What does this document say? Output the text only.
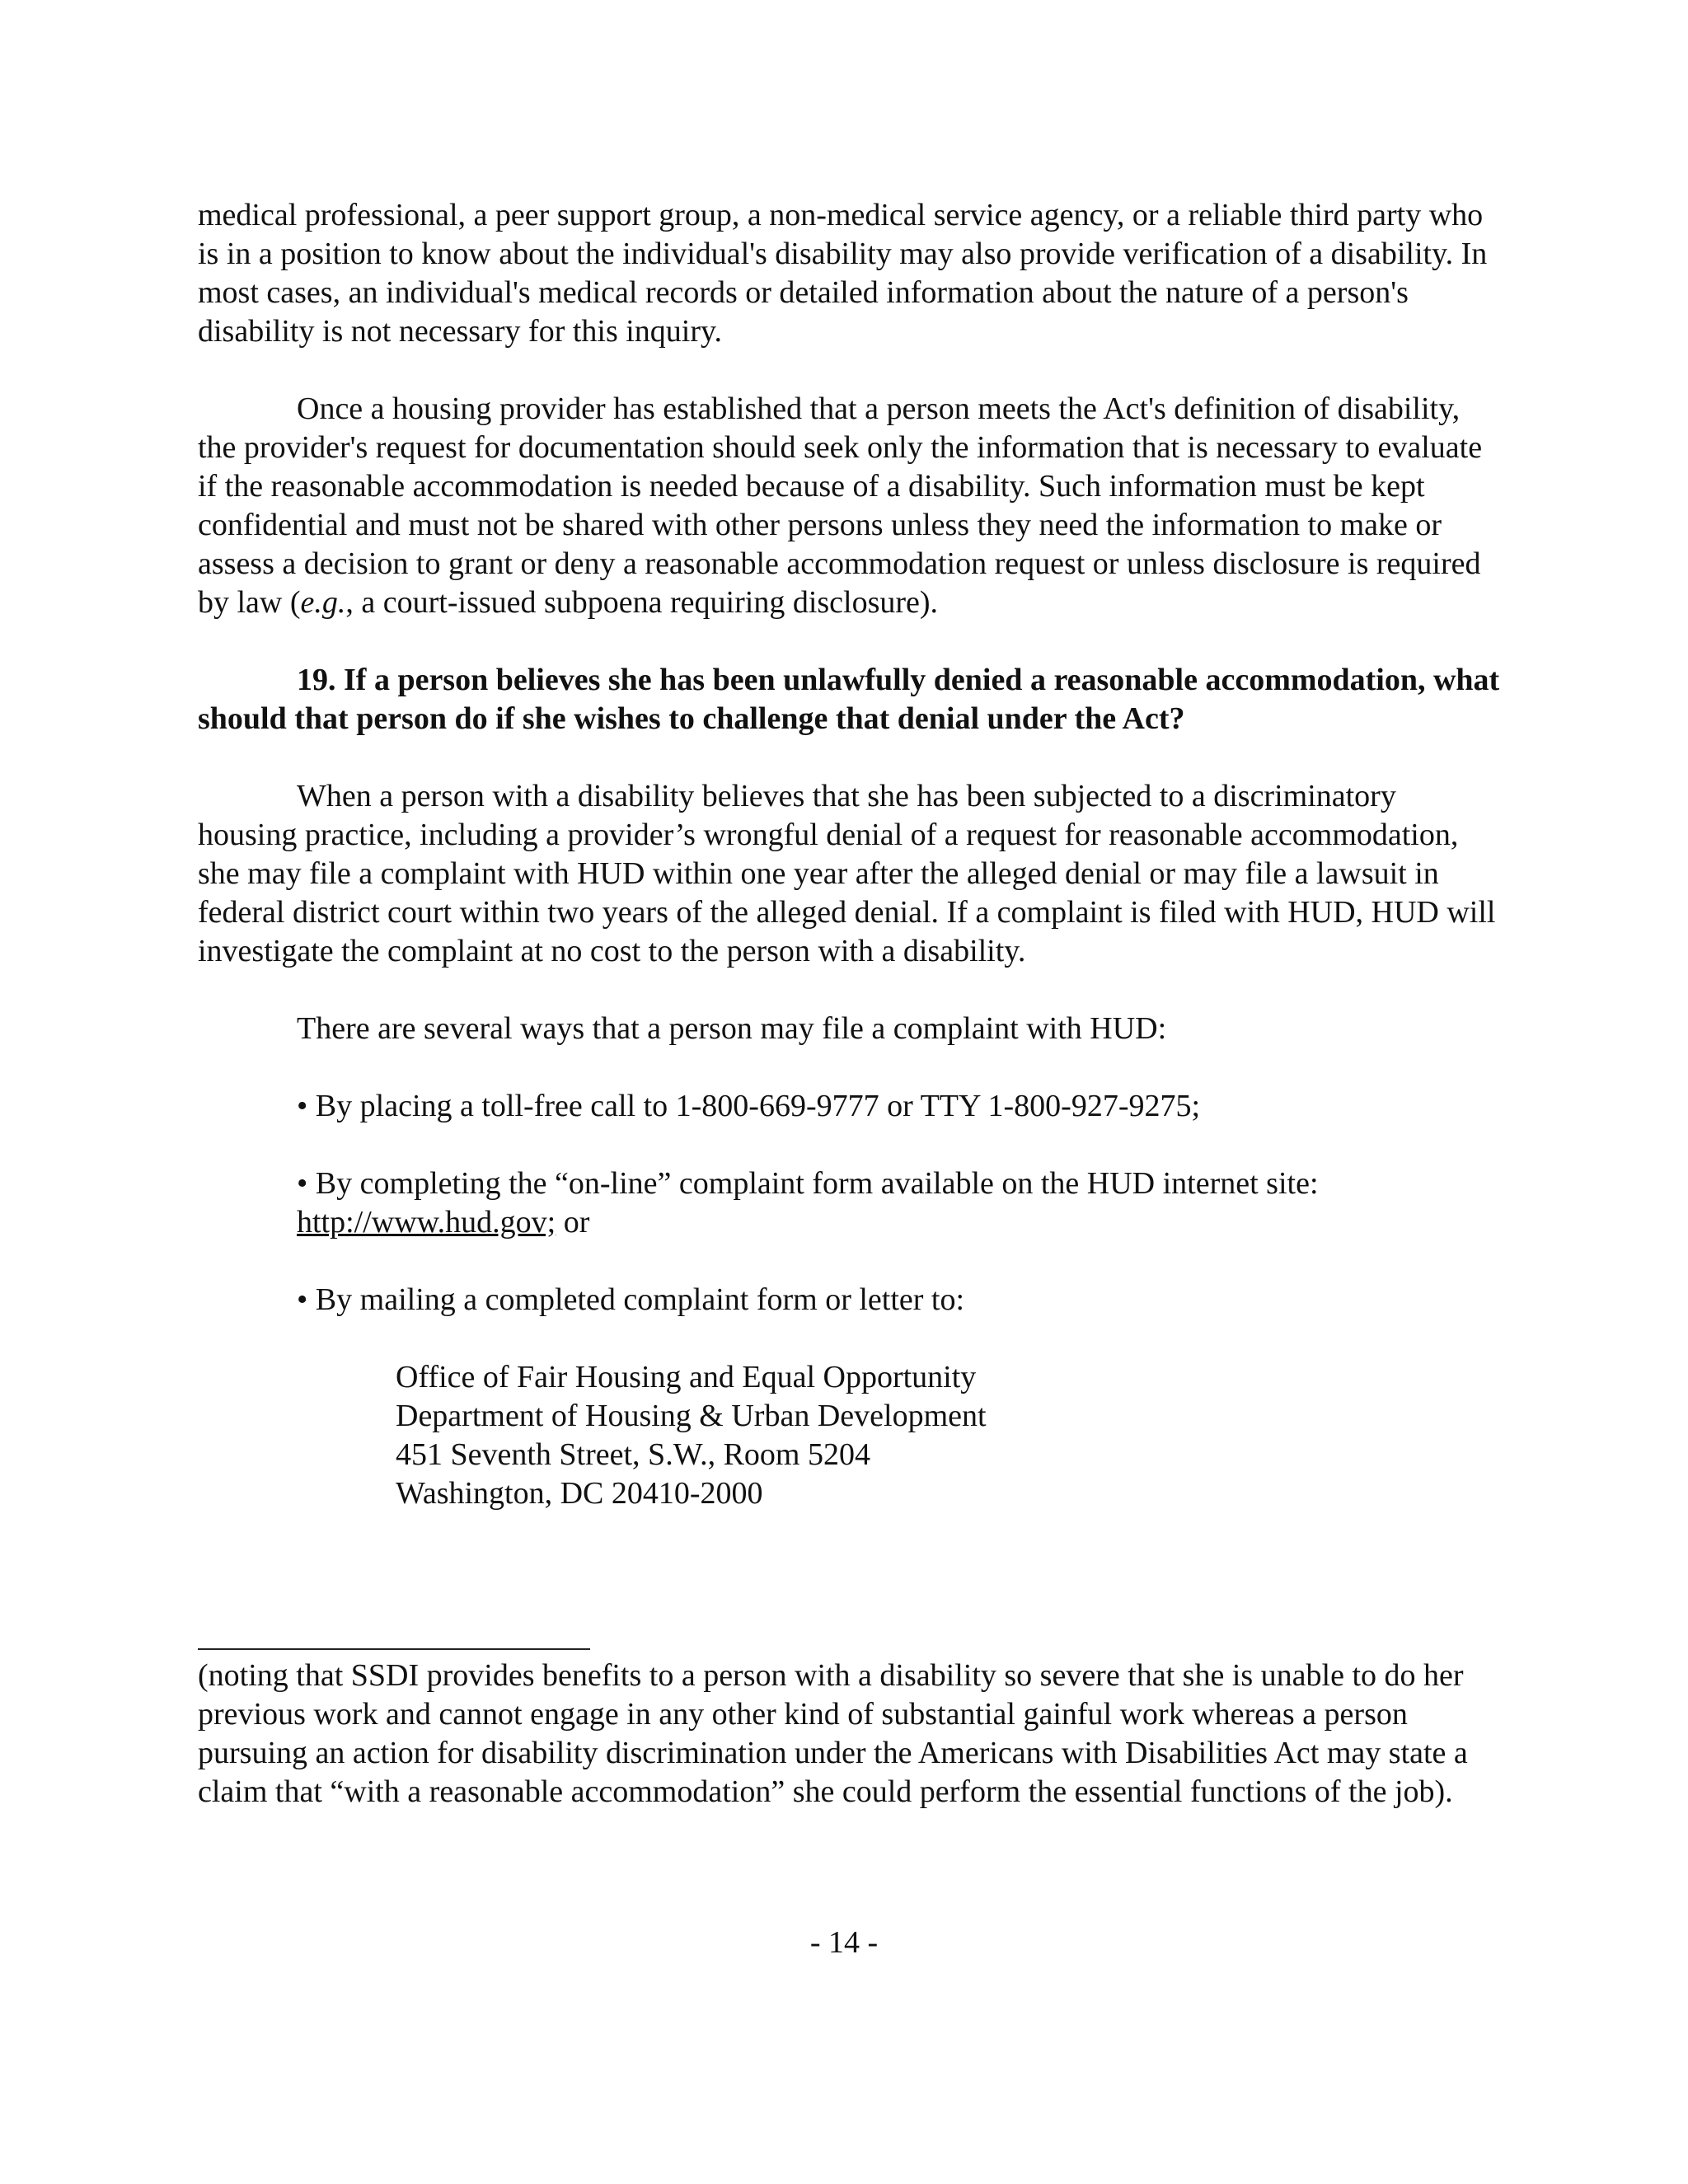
medical professional, a peer support group, a non-medical service agency, or a reliable third party who is in a position to know about the individual's disability may also provide verification of a disability. In most cases, an individual's medical records or detailed information about the nature of a person's disability is not necessary for this inquiry.

Once a housing provider has established that a person meets the Act's definition of disability, the provider's request for documentation should seek only the information that is necessary to evaluate if the reasonable accommodation is needed because of a disability. Such information must be kept confidential and must not be shared with other persons unless they need the information to make or assess a decision to grant or deny a reasonable accommodation request or unless disclosure is required by law (e.g., a court-issued subpoena requiring disclosure).

19. If a person believes she has been unlawfully denied a reasonable accommodation, what should that person do if she wishes to challenge that denial under the Act?

When a person with a disability believes that she has been subjected to a discriminatory housing practice, including a provider’s wrongful denial of a request for reasonable accommodation, she may file a complaint with HUD within one year after the alleged denial or may file a lawsuit in federal district court within two years of the alleged denial. If a complaint is filed with HUD, HUD will investigate the complaint at no cost to the person with a disability.

There are several ways that a person may file a complaint with HUD:

• By placing a toll-free call to 1-800-669-9777 or TTY 1-800-927-9275;

• By completing the “on-line” complaint form available on the HUD internet site:
http://www.hud.gov; or

• By mailing a completed complaint form or letter to:

Office of Fair Housing and Equal Opportunity

Department of Housing & Urban Development

451 Seventh Street, S.W., Room 5204

Washington, DC 20410-2000

(noting that SSDI provides benefits to a person with a disability so severe that she is unable to do her previous work and cannot engage in any other kind of substantial gainful work whereas a person pursuing an action for disability discrimination under the Americans with Disabilities Act may state a claim that “with a reasonable accommodation” she could perform the essential functions of the job).

- 14 -
